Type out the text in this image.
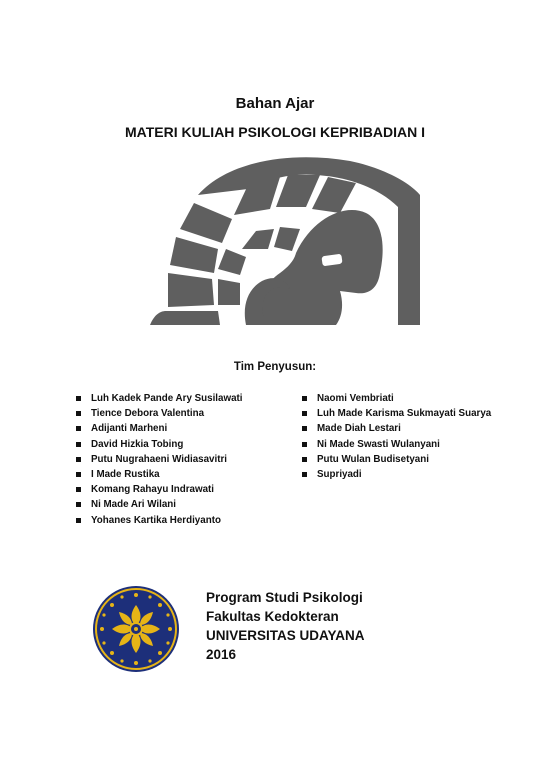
Bahan Ajar
MATERI KULIAH PSIKOLOGI KEPRIBADIAN I
Tim Penyusun:
Luh Kadek Pande Ary Susilawati
Tience Debora Valentina
Adijanti Marheni
David Hizkia Tobing
Putu Nugrahaeni Widiasavitri
I Made Rustika
Komang Rahayu Indrawati
Ni Made Ari Wilani
Yohanes Kartika Herdiyanto
Naomi Vembriati
Luh Made Karisma Sukmayati Suarya
Made Diah Lestari
Ni Made Swasti Wulanyani
Putu Wulan Budisetyani
Supriyadi
Program Studi Psikologi
Fakultas Kedokteran
UNIVERSITAS UDAYANA
2016
